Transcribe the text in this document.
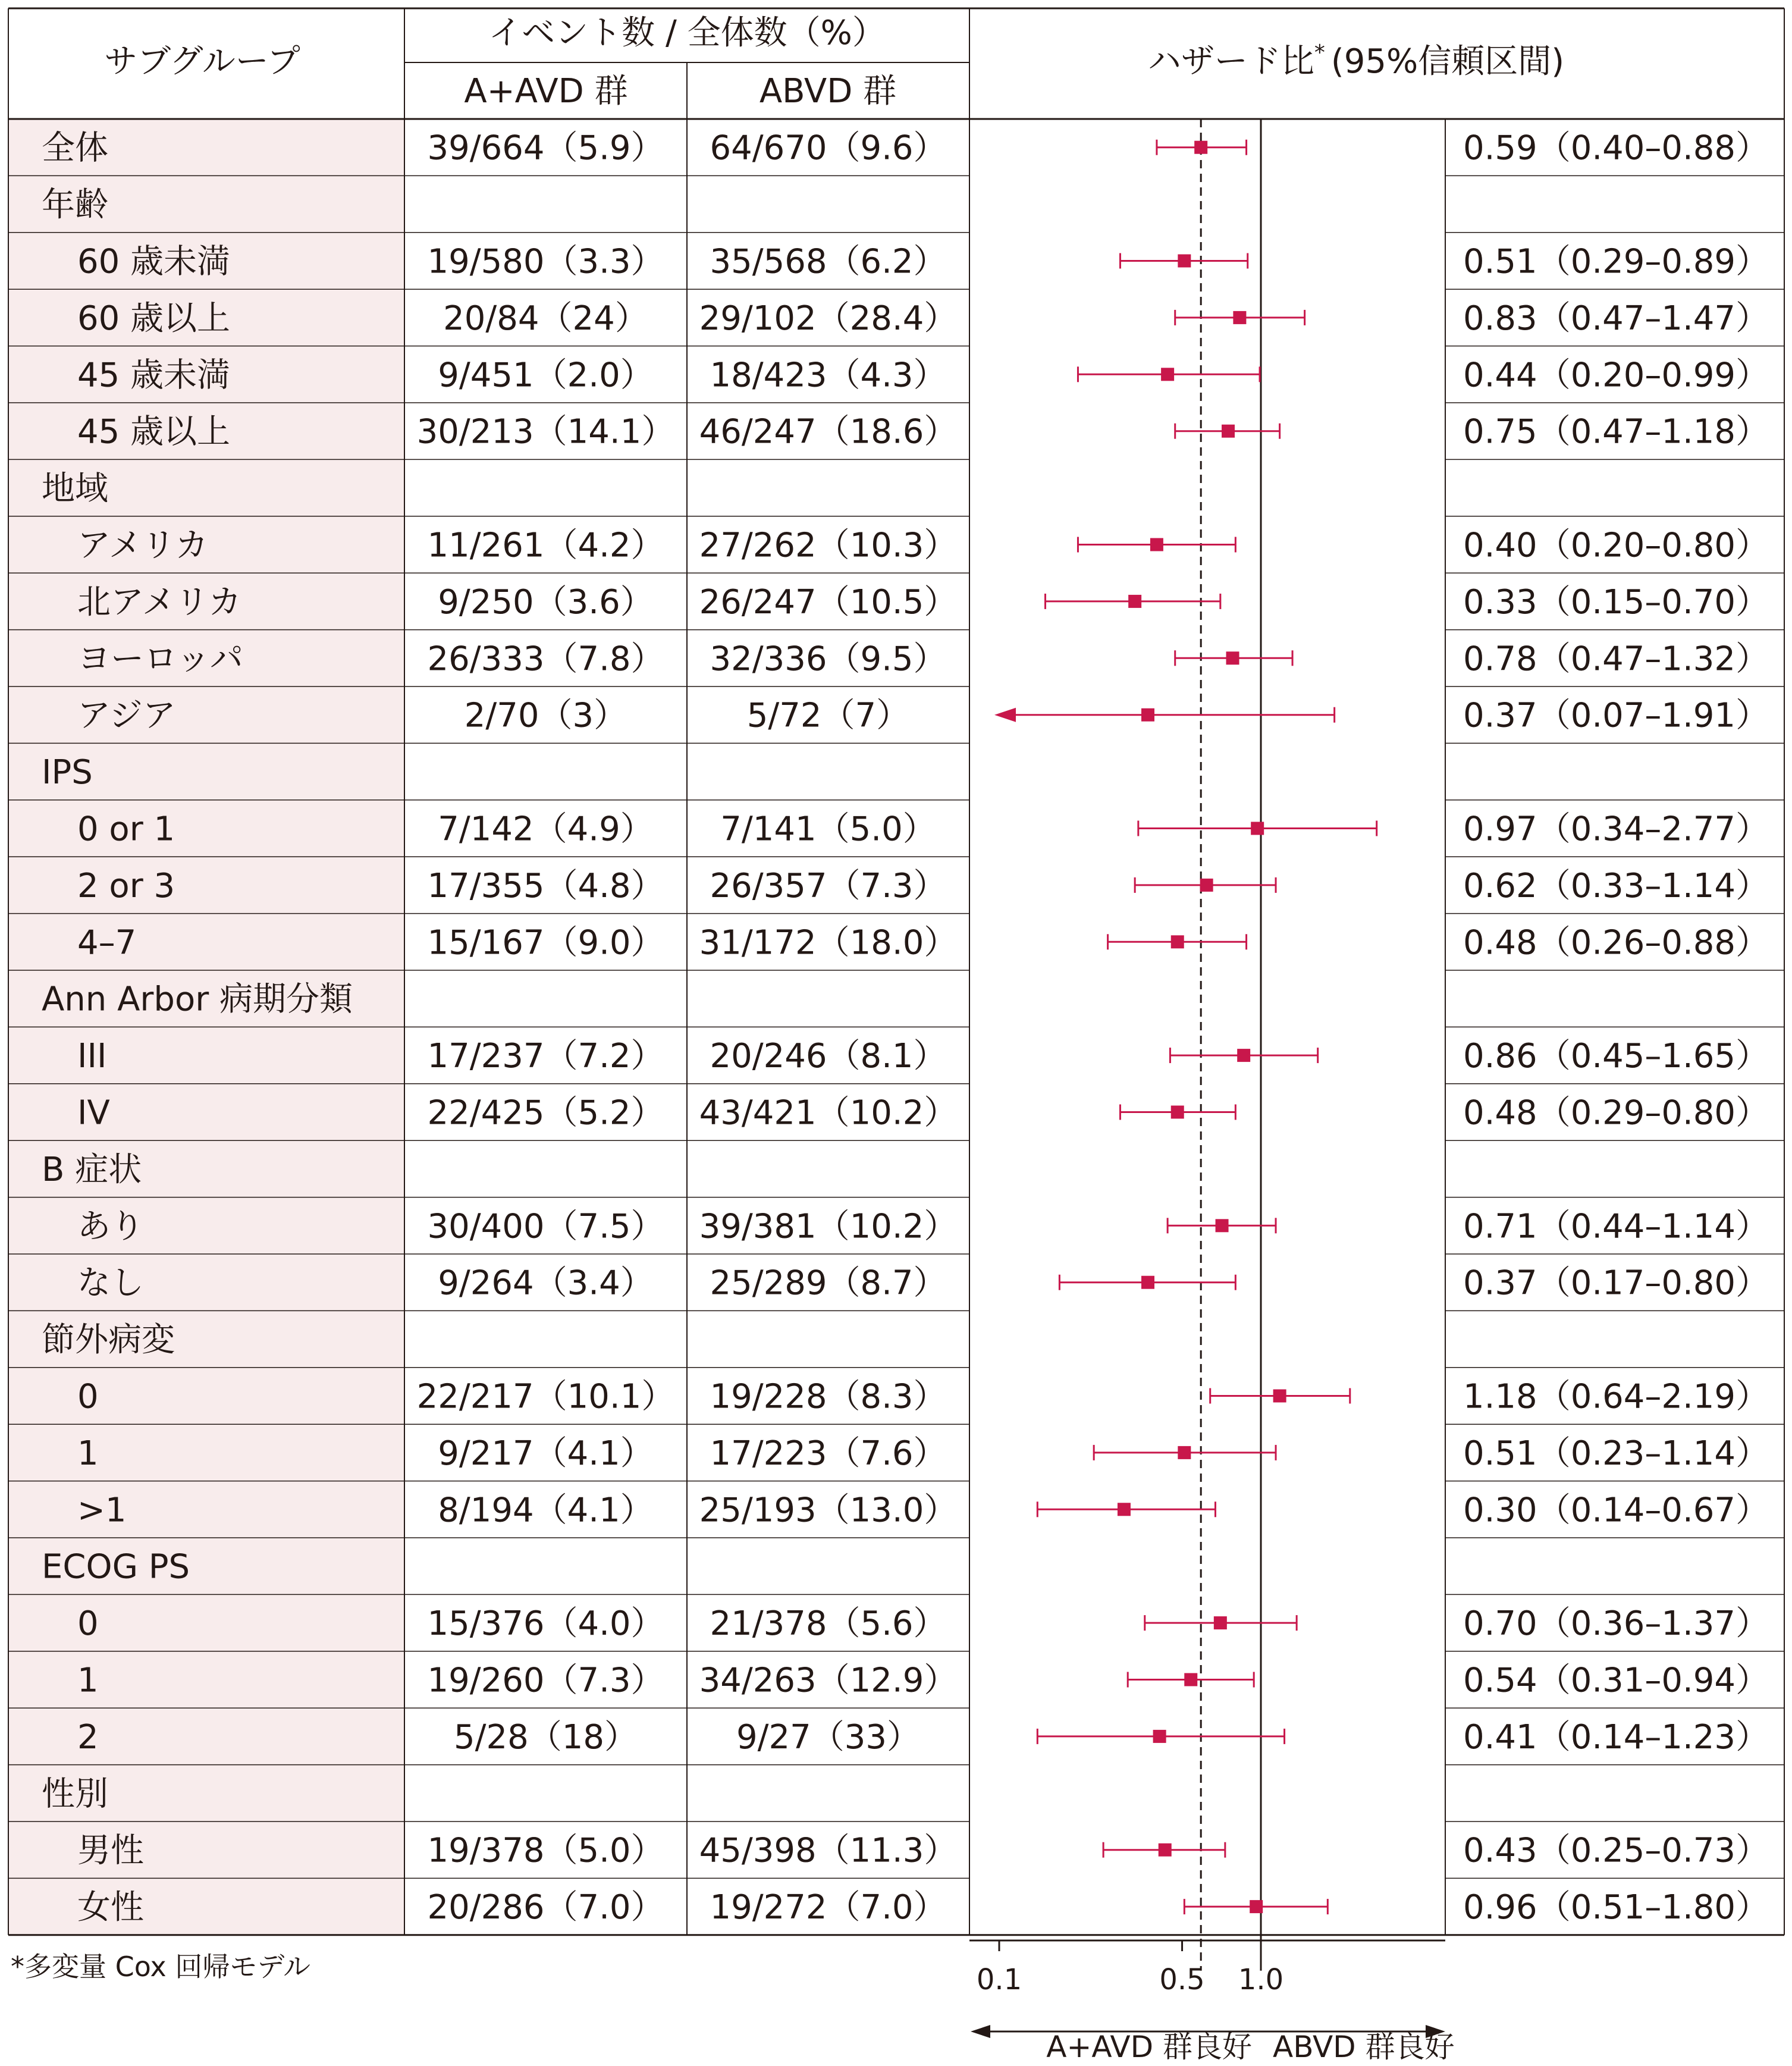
サブグループ
イベント数 / 全体数（%）
A+AVD 群	ABVD 群
ハザード比* (95%信頼区間)
全体	39/664（5.9） 64/670（9.6）	0.59（0.40–0.88）
年齢
60 歳未満	19/580（3.3） 35/568（6.2）	0.51（0.29–0.89）
60 歳以上	20/84（24） 29/102（28.4）	0.83（0.47–1.47）
45 歳未満	9/451（2.0） 18/423（4.3）	0.44（0.20–0.99）
45 歳以上	30/213（14.1） 46/247（18.6）	0.75（0.47–1.18）
地域
アメリカ	11/261（4.2） 27/262（10.3）	0.40（0.20–0.80）
北アメリカ	9/250（3.6） 26/247（10.5）	0.33（0.15–0.70）
ヨーロッパ	26/333（7.8） 32/336（9.5）	0.78（0.47–1.32）
アジア	2/70（3）	5/72（7）	0.37（0.07–1.91）
IPS
0 or 1	7/142（4.9） 7/141（5.0）	0.97（0.34–2.77）
2 or 3	17/355（4.8） 26/357（7.3）	0.62（0.33–1.14）
4–7	15/167（9.0） 31/172（18.0）	0.48（0.26–0.88）
Ann Arbor 病期分類
III	17/237（7.2） 20/246（8.1）	0.86（0.45–1.65）
IV	22/425（5.2） 43/421（10.2）	0.48（0.29–0.80）
B 症状
あり	30/400（7.5） 39/381（10.2）	0.71（0.44–1.14）
なし	9/264（3.4） 25/289（8.7）	0.37（0.17–0.80）
節外病変
0	22/217（10.1） 19/228（8.3）	1.18（0.64–2.19）
1	9/217（4.1） 17/223（7.6）	0.51（0.23–1.14）
>1	8/194（4.1） 25/193（13.0）	0.30（0.14–0.67）
ECOG PS
0	15/376（4.0） 21/378（5.6）	0.70（0.36–1.37）
1	19/260（7.3） 34/263（12.9）	0.54（0.31–0.94）
2	5/28（18）	9/27（33）	0.41（0.14–1.23）
性別
男性	19/378（5.0） 45/398（11.3）	0.43（0.25–0.73）
女性	20/286（7.0） 19/272（7.0）	0.96（0.51–1.80）
0.1	0.5 1.0
A+AVD 群良好 ABVD 群良好
*多変量 Cox 回帰モデル
